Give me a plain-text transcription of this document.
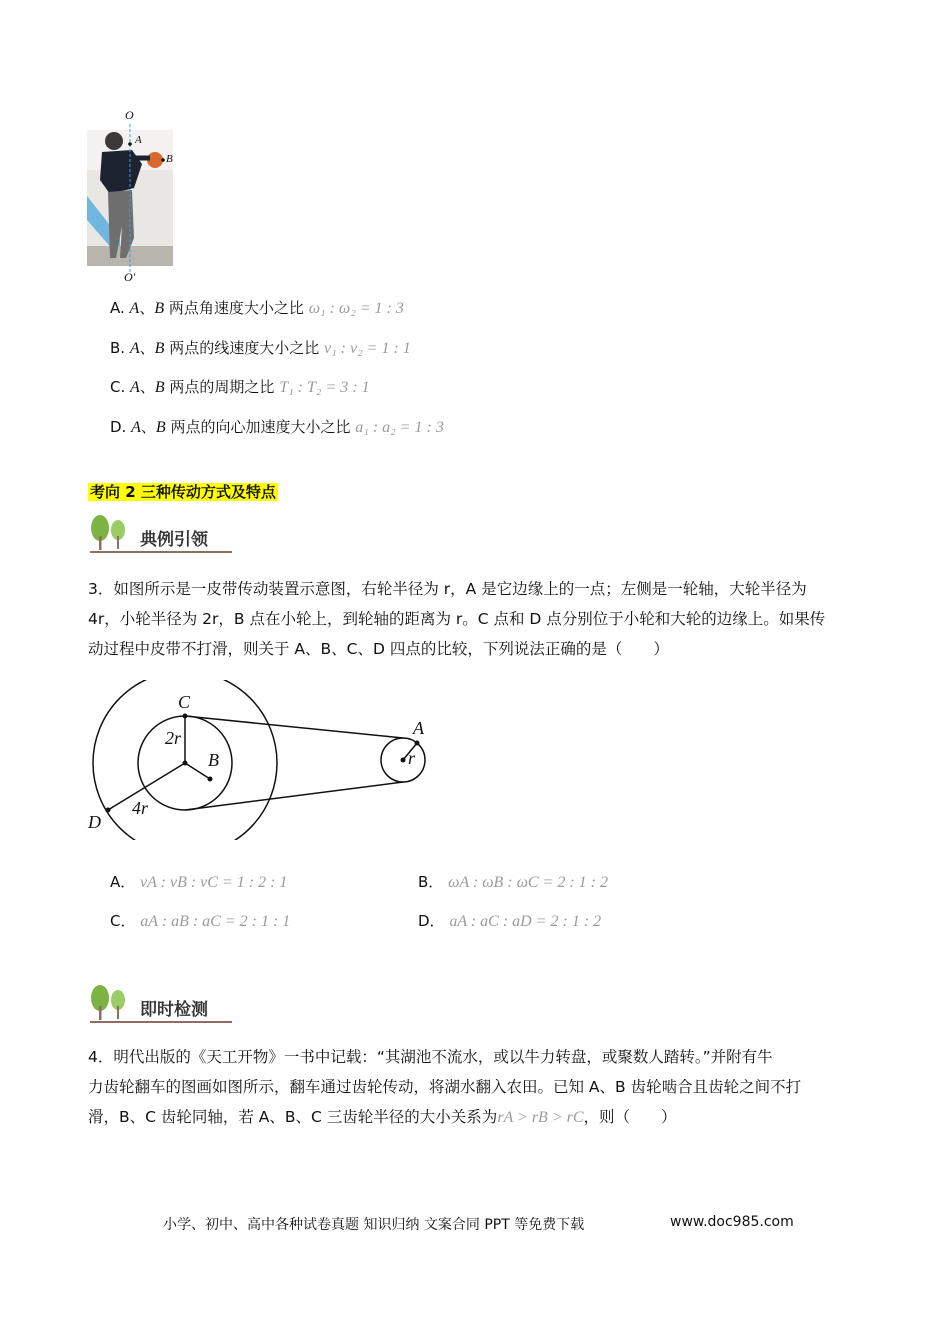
O
A
B
O′
A. A、B 两点角速度大小之比 ω₁ : ω₂ = 1 : 3
B. A、B 两点的线速度大小之比 v₁ : v₂ = 1 : 1
C. A、B 两点的周期之比 T₁ : T₂ = 3 : 1
D. A、B 两点的向心加速度大小之比 a₁ : a₂ = 1 : 3
考向 2 三种传动方式及特点
典例引领
3．如图所示是一皮带传动装置示意图，右轮半径为 r，A 是它边缘上的一点；左侧是一轮轴，大轮半径为
4r，小轮半径为 2r，B 点在小轮上，到轮轴的距离为 r。C 点和 D 点分别位于小轮和大轮的边缘上。如果传
动过程中皮带不打滑，则关于 A、B、C、D 四点的比较，下列说法正确的是（　　）
C
2r
B
D
4r
A
r
A． vA : vB : vC = 1 : 2 : 1	B． ωA : ωB : ωC = 2 : 1 : 2
C． aA : aB : aC = 2 : 1 : 1	D． aA : aC : aD = 2 : 1 : 2
即时检测
4．明代出版的《天工开物》一书中记载：“其湖池不流水，或以牛力转盘，或聚数人踏转。”并附有牛
力齿轮翻车的图画如图所示，翻车通过齿轮传动，将湖水翻入农田。已知 A、B 齿轮啮合且齿轮之间不打
滑，B、C 齿轮同轴，若 A、B、C 三齿轮半径的大小关系为rA > rB > rC，则（　　）
小学、初中、高中各种试卷真题 知识归纳 文案合同 PPT 等免费下载	www.doc985.com
